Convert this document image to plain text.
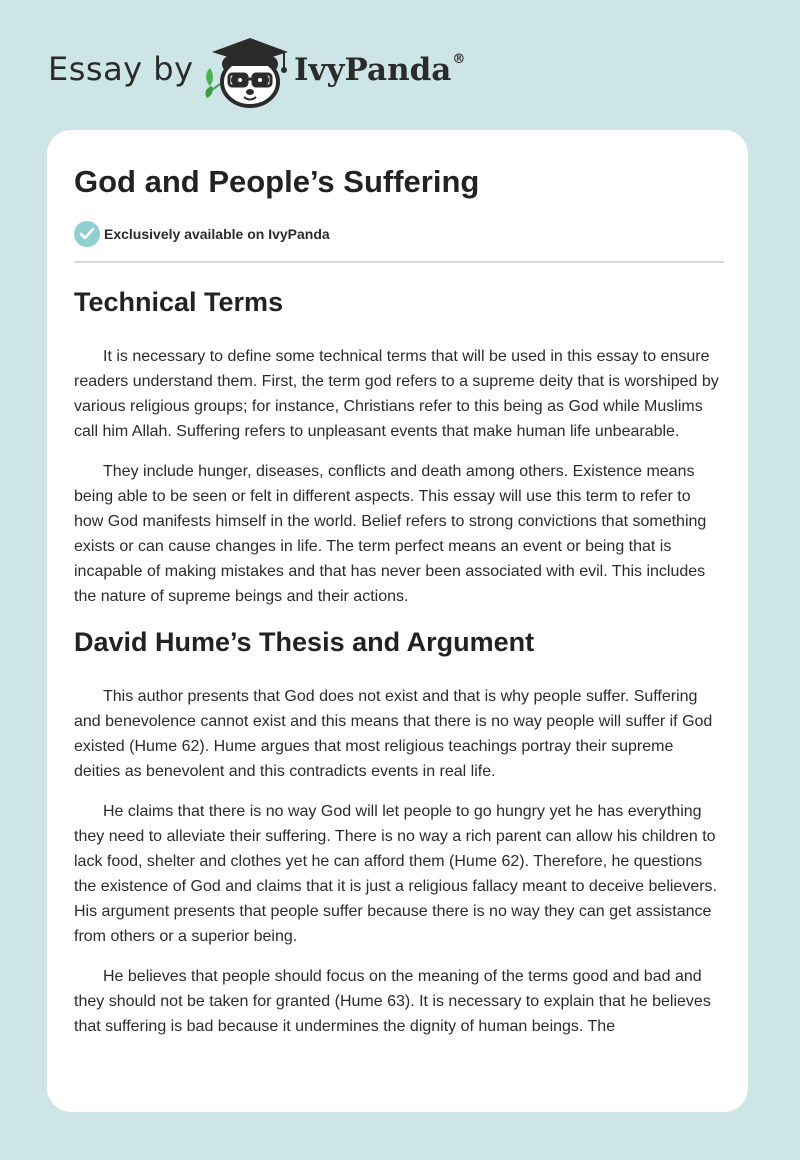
Essay by	IvyPanda®
God and People’s Suffering
Exclusively available on IvyPanda
Technical Terms

It is necessary to define some technical terms that will be used in this essay to ensure readers understand them. First, the term god refers to a supreme deity that is worshiped by various religious groups; for instance, Christians refer to this being as God while Muslims call him Allah. Suffering refers to unpleasant events that make human life unbearable.

They include hunger, diseases, conflicts and death among others. Existence means being able to be seen or felt in different aspects. This essay will use this term to refer to how God manifests himself in the world. Belief refers to strong convictions that something exists or can cause changes in life. The term perfect means an event or being that is incapable of making mistakes and that has never been associated with evil. This includes the nature of supreme beings and their actions.

David Hume’s Thesis and Argument

This author presents that God does not exist and that is why people suffer. Suffering and benevolence cannot exist and this means that there is no way people will suffer if God existed (Hume 62). Hume argues that most religious teachings portray their supreme deities as benevolent and this contradicts events in real life.

He claims that there is no way God will let people to go hungry yet he has everything they need to alleviate their suffering. There is no way a rich parent can allow his children to lack food, shelter and clothes yet he can afford them (Hume 62). Therefore, he questions the existence of God and claims that it is just a religious fallacy meant to deceive believers. His argument presents that people suffer because there is no way they can get assistance from others or a superior being.

He believes that people should focus on the meaning of the terms good and bad and they should not be taken for granted (Hume 63). It is necessary to explain that he believes that suffering is bad because it undermines the dignity of human beings. The
